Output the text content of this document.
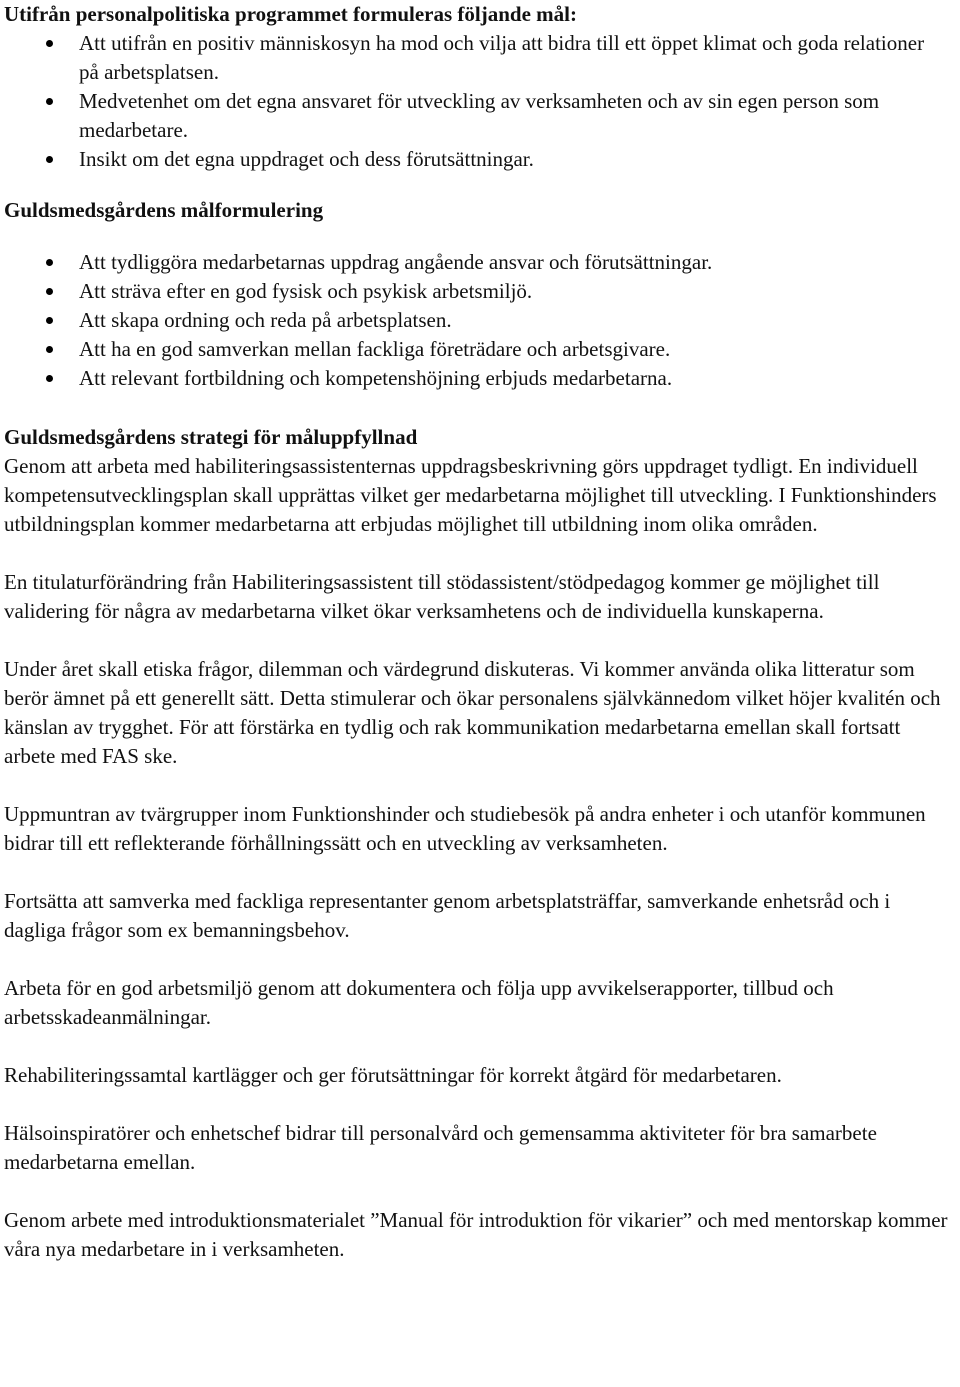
Utifrån personalpolitiska programmet formuleras följande mål:
Att utifrån en positiv människosyn ha mod och vilja att bidra till ett öppet klimat och goda relationer på arbetsplatsen.
Medvetenhet om det egna ansvaret för utveckling av verksamheten och av sin egen person som medarbetare.
Insikt om det egna uppdraget och dess förutsättningar.
Guldsmedsgårdens målformulering
Att tydliggöra medarbetarnas uppdrag angående ansvar och förutsättningar.
Att sträva efter en god fysisk och psykisk arbetsmiljö.
Att skapa ordning och reda på arbetsplatsen.
Att ha en god samverkan mellan fackliga företrädare och arbetsgivare.
Att relevant fortbildning och kompetenshöjning erbjuds medarbetarna.
Guldsmedsgårdens strategi för måluppfyllnad

Genom att arbeta med habiliteringsassistenternas uppdragsbeskrivning görs uppdraget tydligt. En individuell kompetensutvecklingsplan skall upprättas vilket ger medarbetarna möjlighet till utveckling. I Funktionshinders utbildningsplan kommer medarbetarna att erbjudas möjlighet till utbildning inom olika områden.

En titulaturförändring från Habiliteringsassistent till stödassistent/stödpedagog kommer ge möjlighet till validering för några av medarbetarna vilket ökar verksamhetens och de individuella kunskaperna.

Under året skall etiska frågor, dilemman och värdegrund diskuteras. Vi kommer använda olika litteratur som berör ämnet på ett generellt sätt. Detta stimulerar och ökar personalens självkännedom vilket höjer kvalitén och känslan av trygghet. För att förstärka en tydlig och rak kommunikation medarbetarna emellan skall fortsatt arbete med FAS ske.

Uppmuntran av tvärgrupper inom Funktionshinder och studiebesök på andra enheter i och utanför kommunen bidrar till ett reflekterande förhållningssätt och en utveckling av verksamheten.

Fortsätta att samverka med fackliga representanter genom arbetsplatsträffar, samverkande enhetsråd och i dagliga frågor som ex bemanningsbehov.

Arbeta för en god arbetsmiljö genom att dokumentera och följa upp avvikelserapporter, tillbud och arbetsskadeanmälningar.

Rehabiliteringssamtal kartlägger och ger förutsättningar för korrekt åtgärd för medarbetaren.

Hälsoinspiratörer och enhetschef bidrar till personalvård och gemensamma aktiviteter för bra samarbete medarbetarna emellan.

Genom arbete med introduktionsmaterialet ”Manual för introduktion för vikarier” och med mentorskap kommer våra nya medarbetare in i verksamheten.
